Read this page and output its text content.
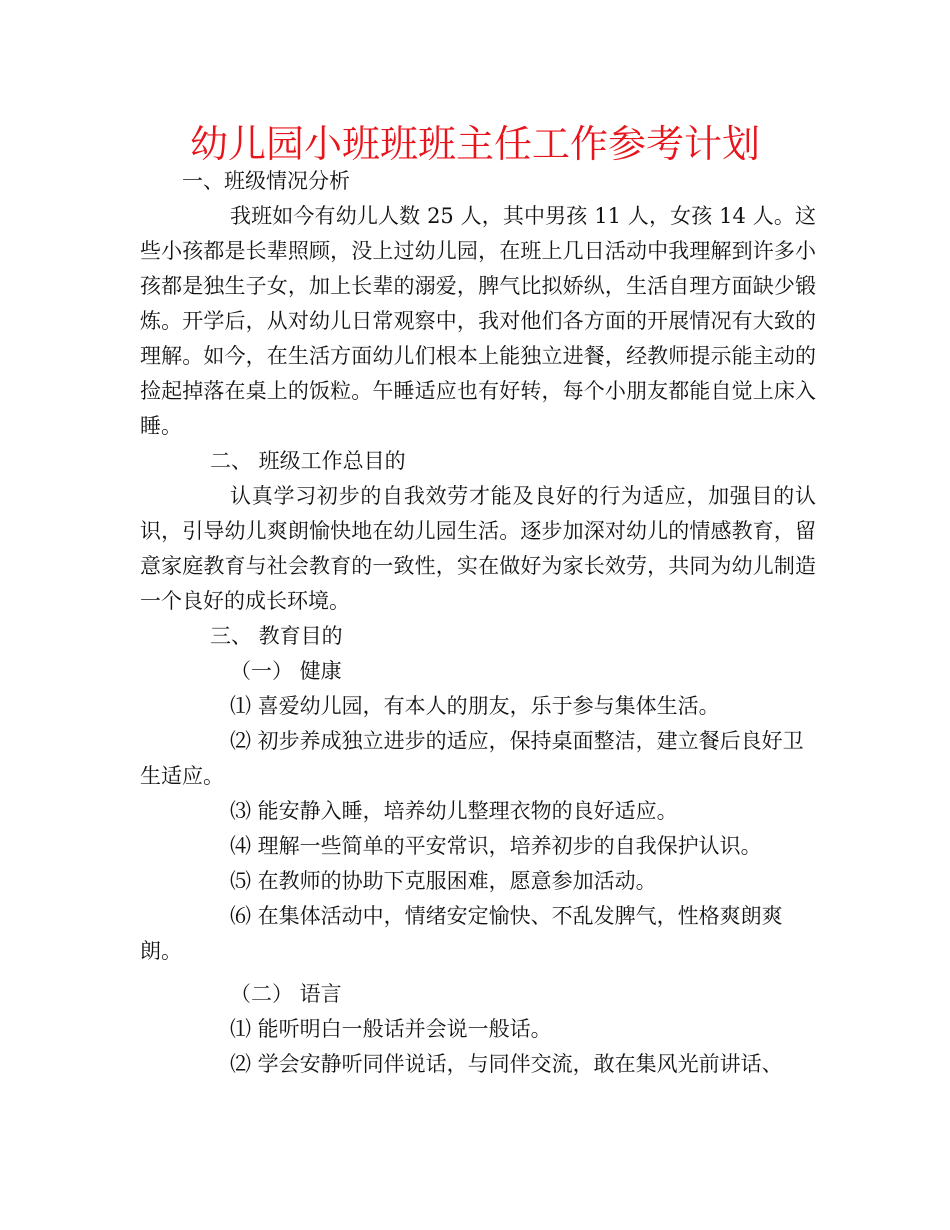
幼儿园小班班班主任工作参考计划

一、班级情况分析

我班如今有幼儿人数 25 人，其中男孩 11 人，女孩 14 人。这些小孩都是长辈照顾，没上过幼儿园，在班上几日活动中我理解到许多小孩都是独生子女，加上长辈的溺爱，脾气比拟娇纵，生活自理方面缺少锻炼。开学后，从对幼儿日常观察中，我对他们各方面的开展情况有大致的理解。如今，在生活方面幼儿们根本上能独立进餐，经教师提示能主动的捡起掉落在桌上的饭粒。午睡适应也有好转，每个小朋友都能自觉上床入睡。

二、 班级工作总目的

认真学习初步的自我效劳才能及良好的行为适应，加强目的认识，引导幼儿爽朗愉快地在幼儿园生活。逐步加深对幼儿的情感教育，留意家庭教育与社会教育的一致性，实在做好为家长效劳，共同为幼儿制造一个良好的成长环境。

三、 教育目的

（一） 健康

⑴ 喜爱幼儿园，有本人的朋友，乐于参与集体生活。

⑵ 初步养成独立进步的适应，保持桌面整洁，建立餐后良好卫生适应。

⑶ 能安静入睡，培养幼儿整理衣物的良好适应。

⑷ 理解一些简单的平安常识，培养初步的自我保护认识。

⑸ 在教师的协助下克服困难，愿意参加活动。

⑹ 在集体活动中，情绪安定愉快、不乱发脾气，性格爽朗爽朗。

（二） 语言

⑴ 能听明白一般话并会说一般话。

⑵ 学会安静听同伴说话，与同伴交流，敢在集风光前讲话、
